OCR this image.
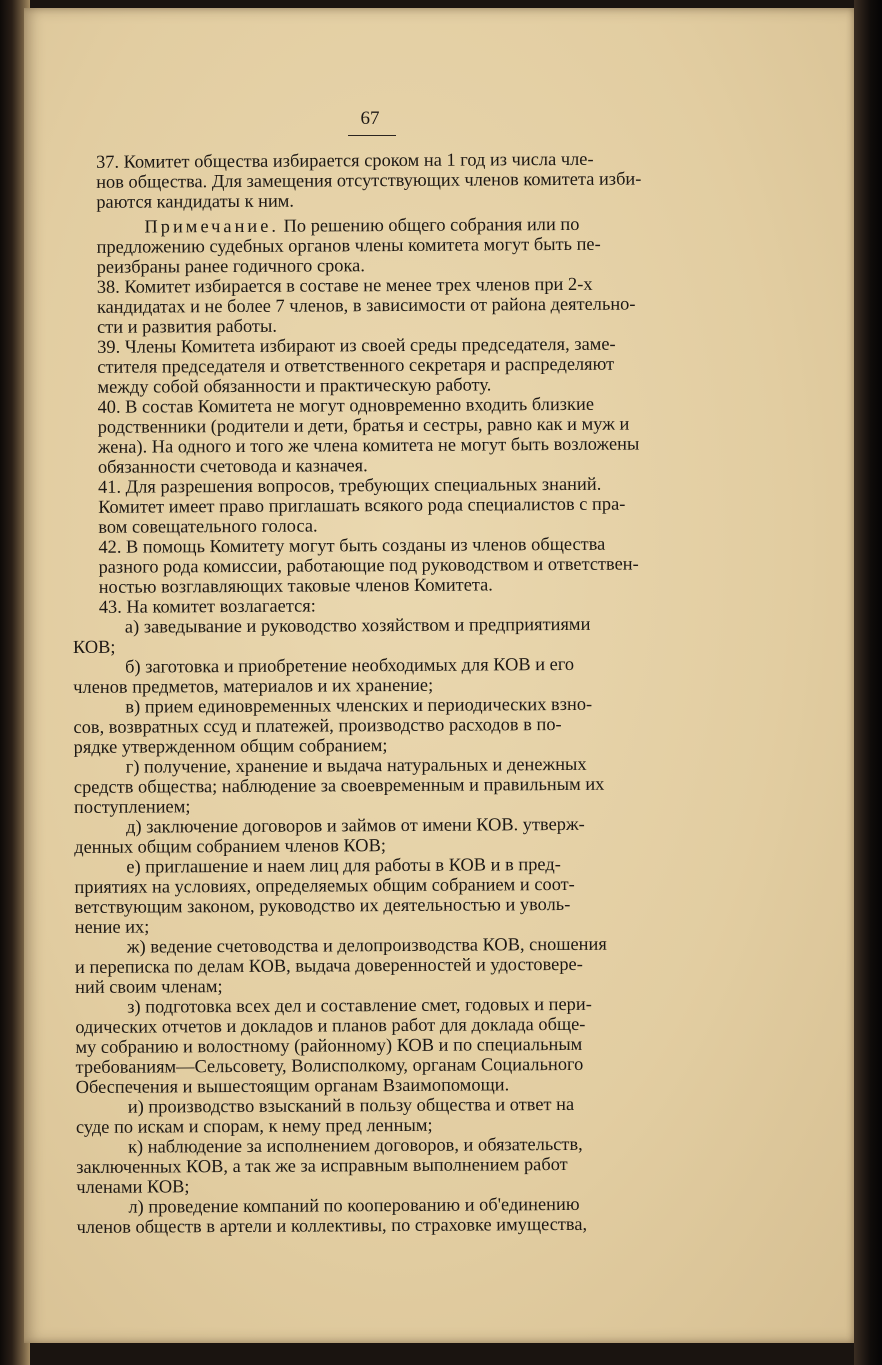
67
37. Комитет общества избирается сроком на 1 год из числа чле-
нов общества. Для замещения отсутствующих членов комитета изби-
раются кандидаты к ним.
Примечание. По решению общего собрания или по
предложению судебных органов члены комитета могут быть пе-
реизбраны ранее годичного срока.
38. Комитет избирается в составе не менее трех членов при 2-х
кандидатах и не более 7 членов, в зависимости от района деятельно-
сти и развития работы.
39. Члены Комитета избирают из своей среды председателя, заме-
стителя председателя и ответственного секретаря и распределяют
между собой обязанности и практическую работу.
40. В состав Комитета не могут одновременно входить близкие
родственники (родители и дети, братья и сестры, равно как и муж и
жена). На одного и того же члена комитета не могут быть возложены
обязанности счетовода и казначея.
41. Для разрешения вопросов, требующих специальных знаний.
Комитет имеет право приглашать всякого рода специалистов с пра-
вом совещательного голоса.
42. В помощь Комитету могут быть созданы из членов общества
разного рода комиссии, работающие под руководством и ответствен-
ностью возглавляющих таковые членов Комитета.
43. На комитет возлагается:
а) заведывание и руководство хозяйством и предприятиями
КОВ;
б) заготовка и приобретение необходимых для КОВ и его
членов предметов, материалов и их хранение;
в) прием единовременных членских и периодических взно-
сов, возвратных ссуд и платежей, производство расходов в по-
рядке утвержденном общим собранием;
г) получение, хранение и выдача натуральных и денежных
средств общества; наблюдение за своевременным и правильным их
поступлением;
д) заключение договоров и займов от имени КОВ. утверж-
денных общим собранием членов КОВ;
е) приглашение и наем лиц для работы в КОВ и в пред-
приятиях на условиях, определяемых общим собранием и соот-
ветствующим законом, руководство их деятельностью и уволь-
нение их;
ж) ведение счетоводства и делопроизводства КОВ, сношения
и переписка по делам КОВ, выдача доверенностей и удостовере-
ний своим членам;
з) подготовка всех дел и составление смет, годовых и пери-
одических отчетов и докладов и планов работ для доклада обще-
му собранию и волостному (районному) КОВ и по специальным
требованиям—Сельсовету, Волисполкому, органам Социального
Обеспечения и вышестоящим органам Взаимопомощи.
и) производство взысканий в пользу общества и ответ на
суде по искам и спорам, к нему пред ленным;
к) наблюдение за исполнением договоров, и обязательств,
заключенных КОВ, а так же за исправным выполнением работ
членами КОВ;
л) проведение компаний по кооперованию и об'единению
членов обществ в артели и коллективы, по страховке имущества,
